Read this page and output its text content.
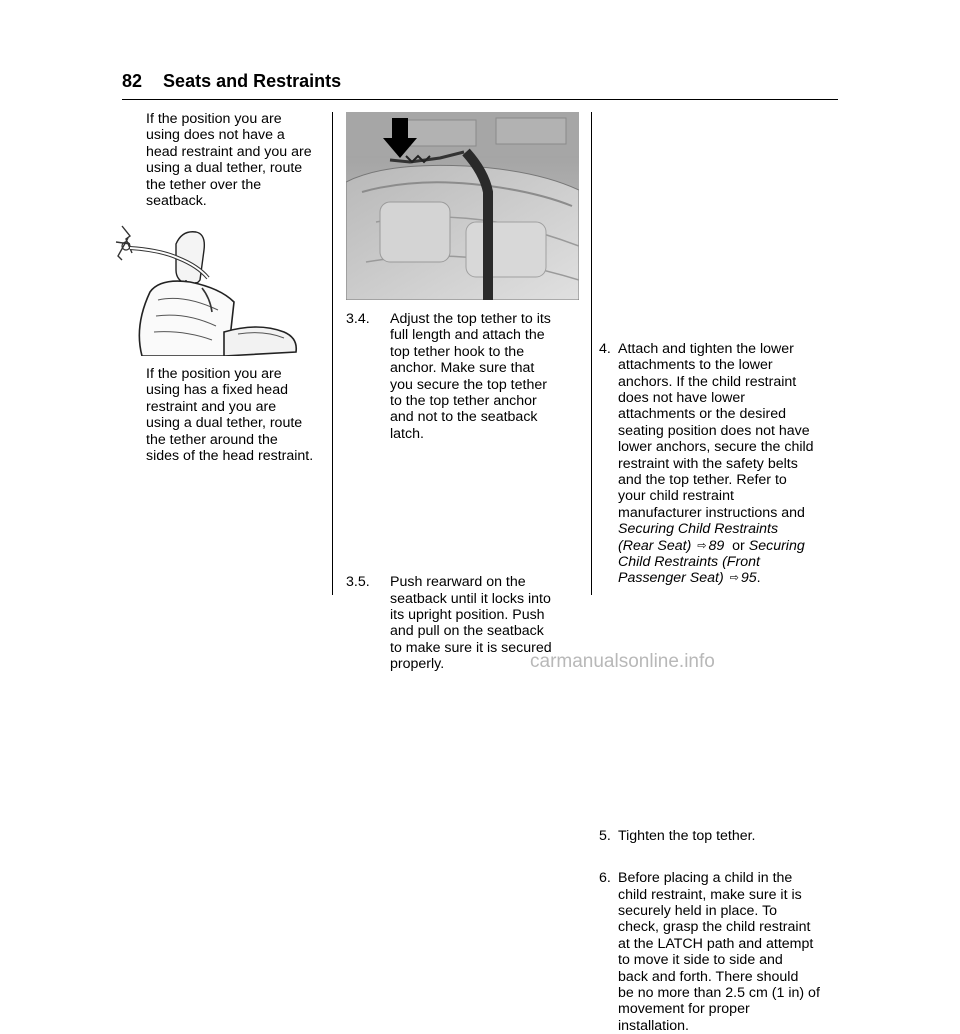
82 Seats and Restraints

If the position you are

using does not have a

head restraint and you are

using a dual tether, route

the tether over the

seatback.

If the position you are

using has a fixed head

restraint and you are

using a dual tether, route

the tether around the

sides of the head restraint.

3.4. Adjust the top tether to its

full length and attach the

top tether hook to the

anchor. Make sure that

you secure the top tether

to the top tether anchor

and not to the seatback

latch.

3.5. Push rearward on the

seatback until it locks into

its upright position. Push

and pull on the seatback

to make sure it is secured

properly.

4. Attach and tighten the lower

attachments to the lower

anchors. If the child restraint

does not have lower

attachments or the desired

seating position does not have

lower anchors, secure the child

restraint with the safety belts

and the top tether. Refer to

your child restraint

manufacturer instructions and

Securing Child Restraints

(Rear Seat) ⇨ 89 or Securing

Child Restraints (Front

Passenger Seat) ⇨ 95.

5. Tighten the top tether.

6. Before placing a child in the

child restraint, make sure it is

securely held in place. To

check, grasp the child restraint

at the LATCH path and attempt

to move it side to side and

back and forth. There should

be no more than 2.5 cm (1 in) of

movement for proper

installation.

carmanualsonline.info
